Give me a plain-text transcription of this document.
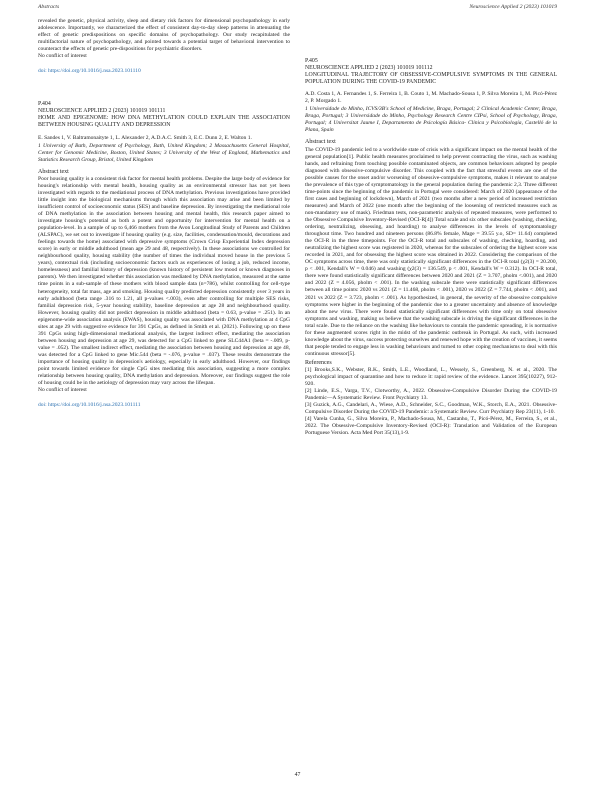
Abstracts	Neuroscience Applied 2 (2023) 101019

revealed the genetic, physical activity, sleep and dietary risk factors for dimensional psychopathology in early adolescence. Importantly, we characterized the effect of consistent day-to-day sleep patterns in attenuating the effect of genetic predispositions on specific domains of psychopathology. Our study recapitulated the multifactorial nature of psychopathology, and pointed towards a potential target of behavioral intervention to counteract the effects of genetic pre-dispositions for psychiatric disorders.

No conflict of interest

doi: https://doi.org/10.1016/j.nsa.2023.101110

P.404

NEUROSCIENCE APPLIED 2 (2023) 101019 101111

HOME AND EPIGENOME: HOW DNA METHYLATION COULD EXPLAIN THE ASSOCIATION BETWEEN HOUSING QUALITY AND DEPRESSION

E. Sandes 1, V. Baltramonaityte 1, L. Alexander 2, A.D.A.C. Smith 3, E.C. Dunn 2, E. Walton 1.

1 University of Bath, Department of Psychology, Bath, United Kingdom; 2 Massachusetts General Hospital, Center for Genomic Medicine, Boston, United States; 3 University of the West of England, Mathematics and Statistics Research Group, Bristol, United Kingdom

Abstract text

Poor housing quality is a consistent risk factor for mental health problems. Despite the large body of evidence for housing's relationship with mental health, housing quality as an environmental stressor has not yet been investigated with regards to the mediational process of DNA methylation. Previous investigations have provided little insight into the biological mechanisms through which this association may arise and been limited by insufficient control of socioeconomic status (SES) and baseline depression. By investigating the mediational role of DNA methylation in the association between housing and mental health, this research paper aimed to investigate housing's potential as both a potent and opportunity for intervention for mental health on a population-level. In a sample of up to 6,466 mothers from the Avon Longitudinal Study of Parents and Children (ALSPAC), we set out to investigate if housing quality (e.g. size, facilities, condensation/mould, decorations and feelings towards the home) associated with depressive symptoms (Crown Crisp Experiential Index depression score) in early or middle adulthood (mean age 29 and 48, respectively). In these associations we controlled for neighbourhood quality, housing stability (the number of times the individual moved house in the previous 5 years), contextual risk (including socioeconomic factors such as experiences of losing a job, reduced income, homelessness) and familial history of depression (known history of persistent low mood or known diagnoses in parents). We then investigated whether this association was mediated by DNA methylation, measured at the same time points in a sub-sample of these mothers with blood sample data (n=786), whilst controlling for cell-type heterogeneity, total fat mass, age and smoking. Housing quality predicted depression consistently over 3 years in early adulthood (beta range .316 to 1.21, all p-values <.003), even after controlling for multiple SES risks, familial depression risk, 5-year housing stability, baseline depression at age 28 and neighbourhood quality. However, housing quality did not predict depression in middle adulthood (beta = 0.63, p-value = .251). In an epigenome-wide association analysis (EWAS), housing quality was associated with DNA methylation at 4 CpG sites at age 29 with suggestive evidence for 391 CpGs, as defined in Smith et al. (2021). Following up on these 391 CpGs using high-dimensional mediational analysis, the largest indirect effect, mediating the association between housing and depression at age 29, was detected for a CpG linked to gene SLC44A1 (beta = -.009, p-value = .052). The smallest indirect effect, mediating the association between housing and depression at age 48, was detected for a CpG linked to gene Mic.544 (beta = -.076, p-value = .037). These results demonstrate the importance of housing quality in depression's aetiology, especially in early adulthood. However, our findings point towards limited evidence for single CpG sites mediating this association, suggesting a more complex relationship between housing quality, DNA methylation and depression. Moreover, our findings suggest the role of housing could be in the aetiology of depression may vary across the lifespan.

No conflict of interest

doi: https://doi.org/10.1016/j.nsa.2023.101111

P.405

NEUROSCIENCE APPLIED 2 (2023) 101019 101112

LONGITUDINAL TRAJECTORY OF OBSESSIVE-COMPULSIVE SYMPTOMS IN THE GENERAL POPULATION DURING THE COVID-19 PANDEMIC

A.D. Costa 1, A. Fernandes 1, S. Ferreira 1, B. Couto 1, M. Machado-Sousa 1, P. Silva Moreira 1, M. Picó-Pérez 2, P. Morgado 1.

1 Universidade do Minho, ICVS/3B's School of Medicine, Braga, Portugal; 2 Clinical Academic Center, Braga, Braga, Portugal; 3 Universidade do Minho, Psychology Research Centre CIPsi, School of Psychology, Braga, Portugal; 4 Universitat Jaume I, Departamento de Psicología Básica- Clínica y Psicobiología, Castelló de la Plana, Spain

Abstract text

The COVID-19 pandemic led to a worldwide state of crisis with a significant impact on the mental health of the general population[1]. Public health measures proclaimed to help prevent contracting the virus, such as washing hands, and refraining from touching possible contaminated objects, are common behaviours adopted by people diagnosed with obsessive-compulsive disorder. This coupled with the fact that stressful events are one of the possible causes for the onset and/or worsening of obsessive-compulsive symptoms, makes it relevant to analyse the prevalence of this type of symptomatology in the general population during the pandemic 2,3. Three different time-points since the beginning of the pandemic in Portugal were considered: March of 2020 (appearance of the first cases and beginning of lockdown), March of 2021 (two months after a new period of increased restriction measures) and March of 2022 (one month after the beginning of the loosening of restricted measures such as non-mandatory use of mask). Friedman tests, non-parametric analysis of repeated measures, were performed to the Obsessive Compulsive Inventory-Revised (OCI-R[4]) Total scale and six other subscales (washing, checking, ordering, neutralizing, obsessing, and hoarding) to analyse differences in the levels of symptomatology throughout time. Two hundred and nineteen persons (86.8% female, Mage = 39.55 y.o, SD= 11.64) completed the OCI-R in the three timepoints. For the OCI-R total and subscales of washing, checking, hoarding, and neutralizing the highest score was registered in 2020, whereas for the subscales of ordering the highest score was recorded in 2021, and for obsessing the highest score was obtained in 2022. Considering the comparison of the OC symptoms across time, there was only statistically significant differences in the OCI-R total (χ2(3) = 20.200, p < .001, Kendall's W = 0.046) and washing (χ2(3) = 136.549, p < .001, Kendall's W = 0.312). In OCI-R total, there were found statistically significant differences between 2020 and 2021 (Z = 3.707, pholm <.001), and 2020 and 2022 (Z = 4.056, pholm < .001). In the washing subscale there were statistically significant differences between all time points: 2020 vs 2021 (Z = 11.468, pholm < .001), 2020 vs 2022 (Z = 7.744, pholm < .001), and 2021 vs 2022 (Z = 3.723, pholm < .001). As hypothesized, in general, the severity of the obsessive compulsive symptoms were higher in the beginning of the pandemic due to a greater uncertainty and absence of knowledge about the new virus. There were found statistically significant differences with time only on total obsessive symptoms and washing, making us believe that the washing subscale is driving the significant differences in the total scale. Due to the reliance on the washing like behaviours to contain the pandemic spreading, it is normative for these augmented scores right in the midst of the pandemic outbreak in Portugal. As such, with increased knowledge about the virus, success protecting ourselves and renewed hope with the creation of vaccines, it seems that people tended to engage less in washing behaviours and turned to other coping mechanisms to deal with this continuous stressor[5].

References

[1] Brooks,S.K., Webster, R.K., Smith, L.E., Woodland, L., Wessely, S., Greenberg, N. et al., 2020. The psychological impact of quarantine and how to reduce it: rapid review of the evidence. Lancet 395(10227), 912-920.

[2] Linde, E.S., Varga, T.V., Clotworthy, A., 2022. Obsessive-Compulsive Disorder During the COVID-19 Pandemic—A Systematic Review. Front Psychiatry 13.

[3] Guzick, A.G., Candelari, A., Wiese, A.D., Schneider, S.C., Goodman, W.K., Storch, E.A., 2021. Obsessive-Compulsive Disorder During the COVID-19 Pandemic: a Systematic Review. Curr Psychiatry Rep 23(11), 1-10.

[4] Varela Cunha, G., Silva Moreira, P., Machado-Sousa, M., Castanho, T., Picó-Pérez, M., Ferreira, S., et al., 2022. The Obsessive-Compulsive Inventory-Revised (OCI-R): Translation and Validation of the European Portuguese Version. Acta Med Port 35(13),1-9.

47
